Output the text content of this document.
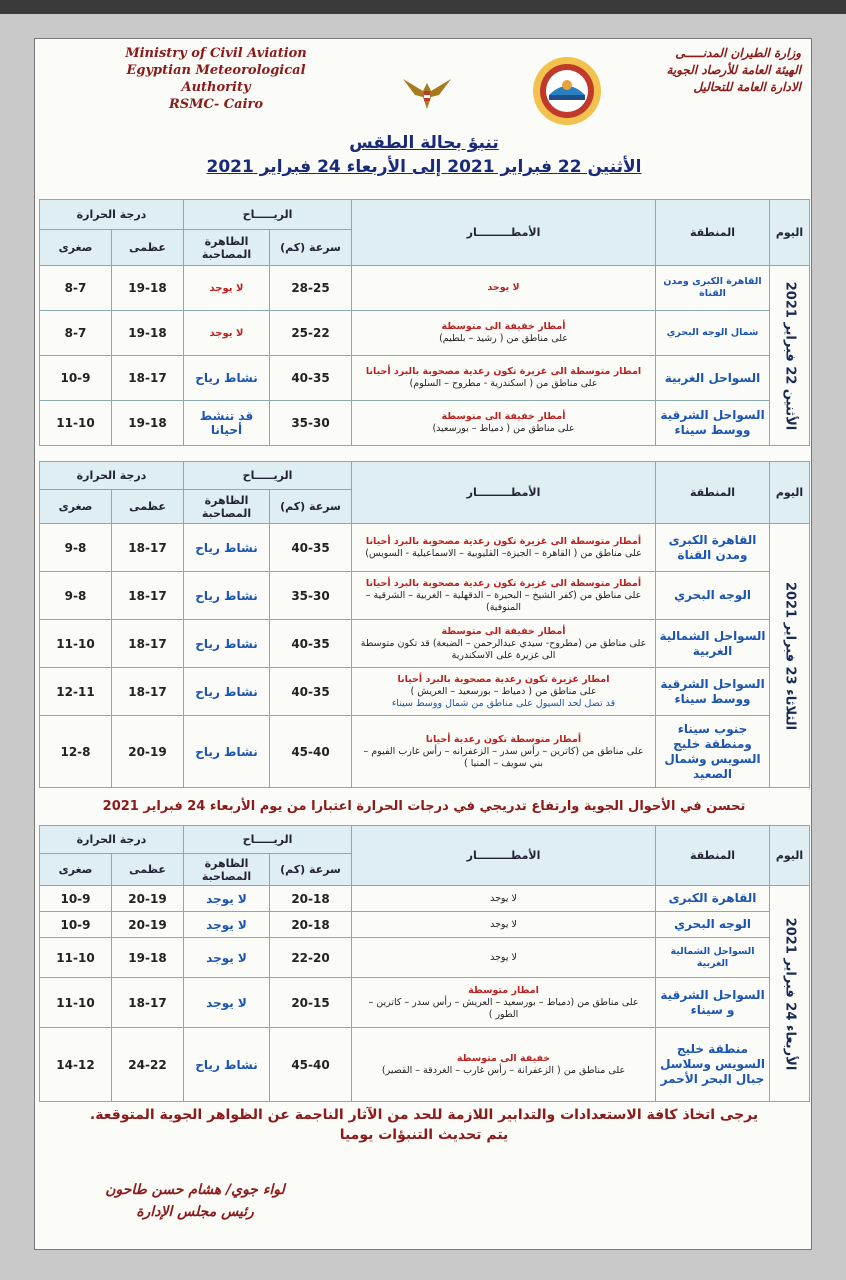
Ministry of Civil Aviation
Egyptian Meteorological Authority
RSMC- Cairo
وزارة الطيران المدنـــــى
الهيئة العامة للأرصاد الجوية
الادارة العامة للتحاليل
تنبؤ بحالة الطقس
الأثنين 22 فبراير 2021 إلى الأربعاء 24 فبراير 2021
اليوم	المنطقة	الأمطـــــــــار	الريـــــاح		درجة الحرارة	
			سرعة (كم)	الظاهرة المصاحبة	عظمى	صغرى

الأثنين 22 فبراير 2021	القاهرة الكبرى ومدن القناة	لا يوجد	28-25	لا يوجد	19-18	8-7
	شمال الوجه البحري	أمطار خفيفة الى متوسطة
على مناطق من ( رشيد – بلطيم)	25-22	لا يوجد	19-18	8-7
	السواحل الغربية	امطار متوسطة الى غزيرة تكون رعدية مصحوبة بالبرد أحيانا
على مناطق من ( اسكندرية - مطروح – السلوم)	40-35	نشاط رياح	18-17	10-9
	السواحل الشرقية ووسط سيناء	أمطار خفيفة الى متوسطة
على مناطق من ( دمياط – بورسعيد)	35-30	قد تنشط أحيانا	19-18	11-10
اليوم	المنطقة	الأمطـــــــــار	الريـــــاح		درجة الحرارة	
			سرعة (كم)	الظاهرة المصاحبة	عظمى	صغرى

الثلاثاء 23 فبراير 2021	القاهرة الكبرى ومدن القناة	أمطار متوسطة الى غزيرة تكون رعدية مصحوبة بالبرد أحيانا
على مناطق من ( القاهرة – الجيزة– القليوبية – الاسماعيلية - السويس)	40-35	نشاط رياح	18-17	9-8
	الوجه البحري	أمطار متوسطة الى غزيرة تكون رعدية مصحوبة بالبرد أحيانا
على مناطق من (كفر الشيخ – البحيرة – الدقهلية – الغربية – الشرقية – المنوفية)	35-30	نشاط رياح	18-17	9-8
	السواحل الشمالية الغربية	أمطار خفيفة الى متوسطة
على مناطق من (مطروح- سيدي عبدالرحمن – الضبعة) قد تكون متوسطة الى غزيرة على الاسكندرية	40-35	نشاط رياح	18-17	11-10
	السواحل الشرقية ووسط سيناء	امطار غزيرة تكون رعدية مصحوبة بالبرد أحيانا
على مناطق من ( دمياط – بورسعيد – العريش )
قد تصل لحد السيول على مناطق من شمال ووسط سيناء	40-35	نشاط رياح	18-17	12-11
	جنوب سيناء ومنطقة خليج السويس وشمال الصعيد	أمطار متوسطة تكون رعدية أحيانا
على مناطق من (كاترين – رأس سدر – الزعفرانه – رأس غارب الفيوم – بني سويف – المنيا )	45-40	نشاط رياح	20-19	12-8
تحسن في الأحوال الجوية وارتفاع تدريجي في درجات الحرارة اعتبارا من يوم الأربعاء 24 فبراير 2021
اليوم	المنطقة	الأمطـــــــــار	الريـــــاح		درجة الحرارة	
			سرعة (كم)	الظاهرة المصاحبة	عظمى	صغرى

الأربعاء 24 فبراير 2021	القاهرة الكبرى	لا يوجد	20-18	لا يوجد	20-19	10-9
	الوجه البحري	لا يوجد	20-18	لا يوجد	20-19	10-9
	السواحل الشمالية الغربية	لا يوجد	22-20	لا يوجد	19-18	11-10
	السواحل الشرقية و سيناء	امطار متوسطة
على مناطق من (دمياط – بورسعيد – العريش – رأس سدر – كاترين – الطور )	20-15	لا يوجد	18-17	11-10
	منطقة خليج السويس وسلاسل جبال البحر الأحمر	خفيفة الى متوسطة
على مناطق من ( الزعفرانة – رأس غارب – الغردقة – القصير)	45-40	نشاط رياح	24-22	14-12
يرجى اتخاذ كافة الاستعدادات والتدابير اللازمة للحد من الآثار الناجمة عن الظواهر الجوية المتوقعة.
يتم تحديث التنبؤات يوميا
لواء جوي/ هشام حسن طاحون
رئيس مجلس الإدارة
